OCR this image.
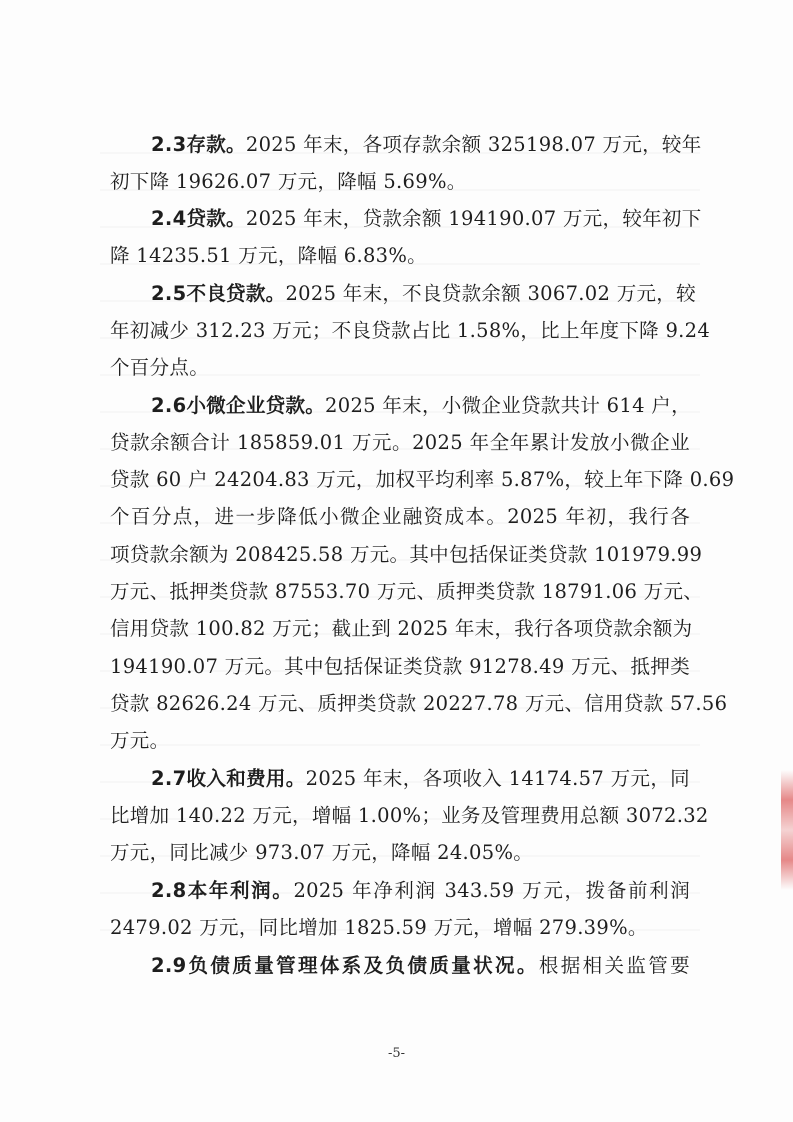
2.3存款。2025 年末，各项存款余额 325198.07 万元，较年
初下降 19626.07 万元，降幅 5.69%。
2.4贷款。2025 年末，贷款余额 194190.07 万元，较年初下
降 14235.51 万元，降幅 6.83%。
2.5不良贷款。2025 年末，不良贷款余额 3067.02 万元，较
年初减少 312.23 万元；不良贷款占比 1.58%，比上年度下降 9.24
个百分点。
2.6小微企业贷款。2025 年末，小微企业贷款共计 614 户，
贷款余额合计 185859.01 万元。2025 年全年累计发放小微企业
贷款 60 户 24204.83 万元，加权平均利率 5.87%，较上年下降 0.69
个百分点，进一步降低小微企业融资成本。2025 年初，我行各
项贷款余额为 208425.58 万元。其中包括保证类贷款 101979.99
万元、抵押类贷款 87553.70 万元、质押类贷款 18791.06 万元、
信用贷款 100.82 万元；截止到 2025 年末，我行各项贷款余额为
194190.07 万元。其中包括保证类贷款 91278.49 万元、抵押类
贷款 82626.24 万元、质押类贷款 20227.78 万元、信用贷款 57.56
万元。
2.7收入和费用。2025 年末，各项收入 14174.57 万元，同
比增加 140.22 万元，增幅 1.00%；业务及管理费用总额 3072.32
万元，同比减少 973.07 万元，降幅 24.05%。
2.8本年利润。2025 年净利润 343.59 万元，拨备前利润
2479.02 万元，同比增加 1825.59 万元，增幅 279.39%。
2.9负债质量管理体系及负债质量状况。根据相关监管要
-5-
